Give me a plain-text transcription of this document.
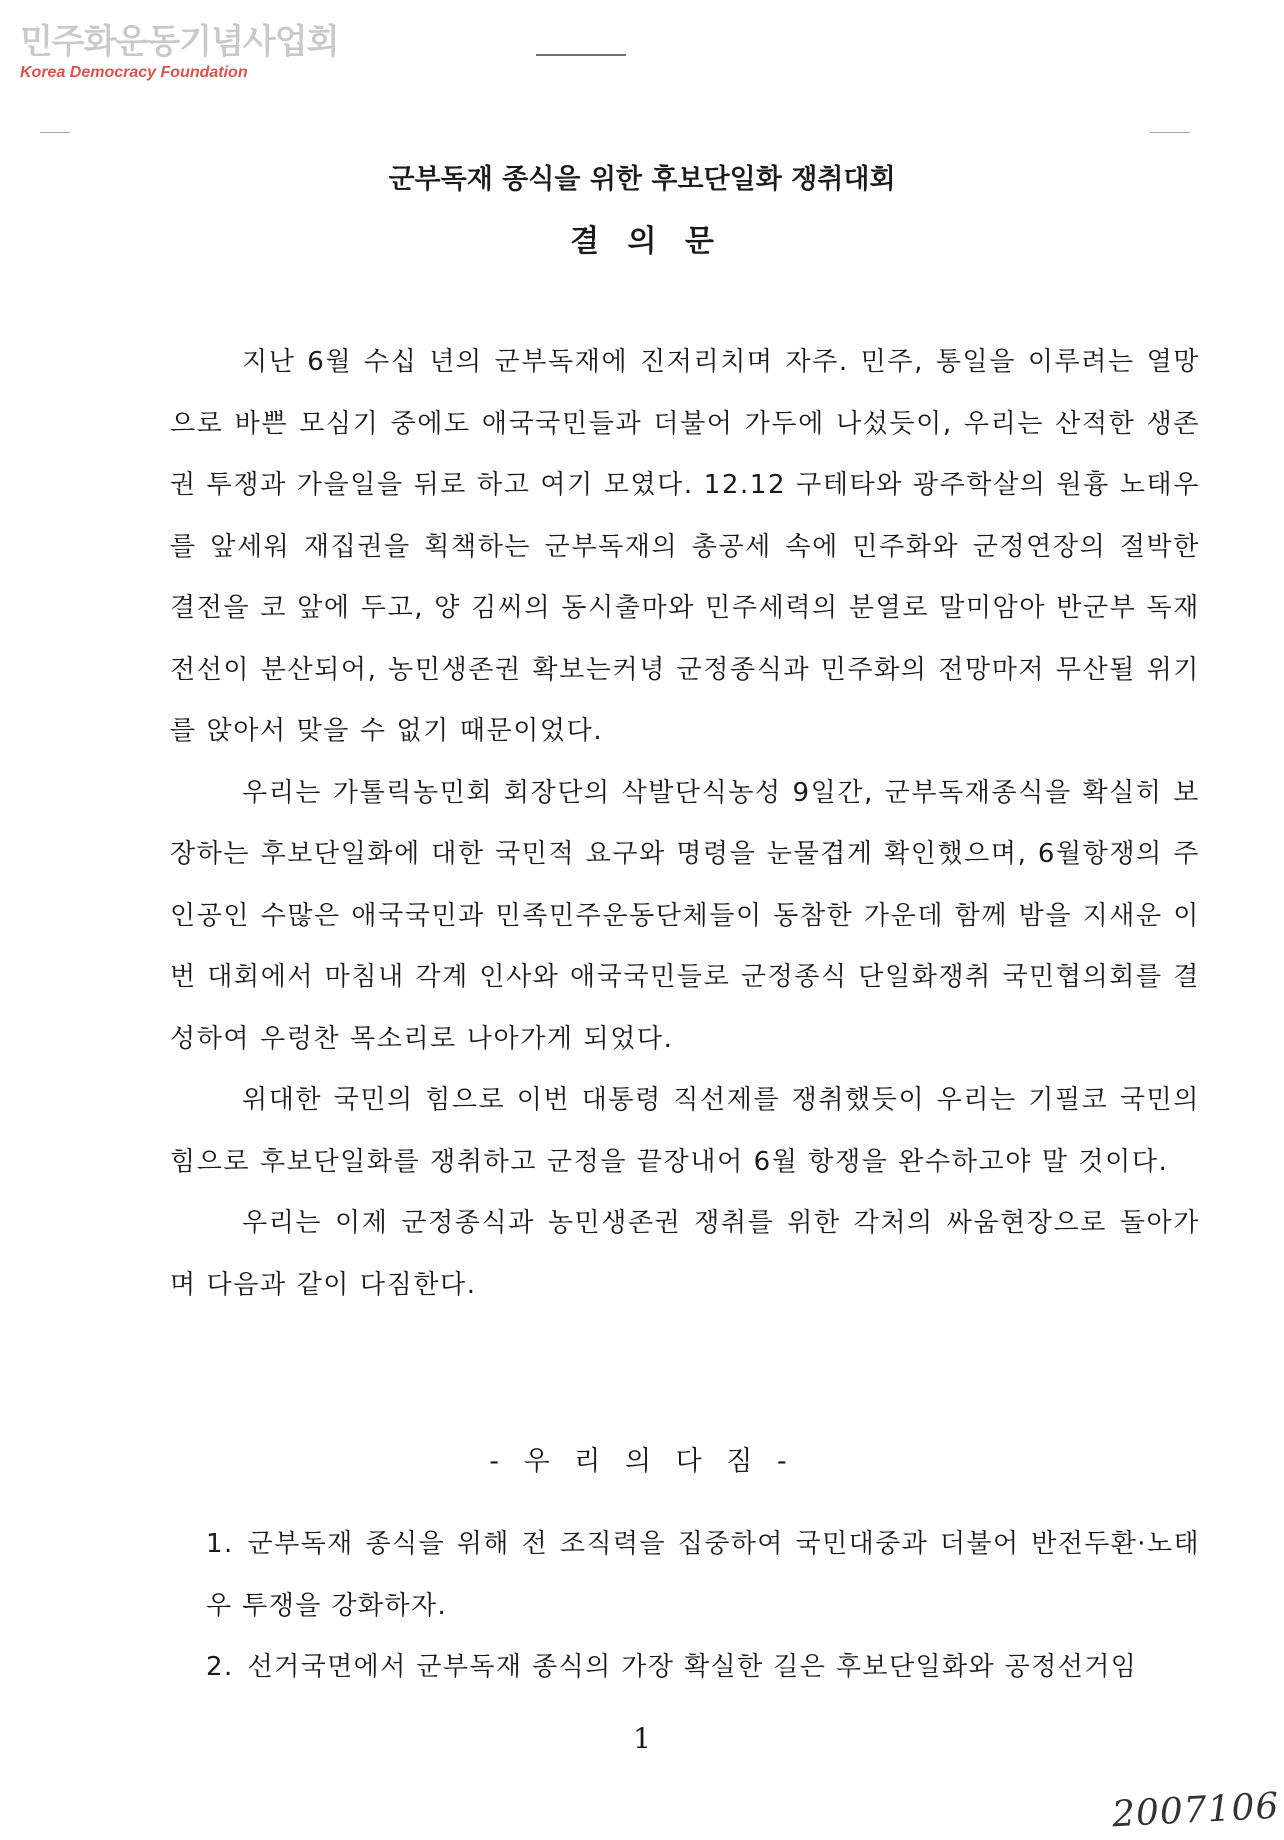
민주화운동기념사업회
Korea Democracy Foundation
군부독재 종식을 위한 후보단일화 쟁취대회
결 의 문

지난 6월 수십 년의 군부독재에 진저리치며 자주. 민주, 통일을 이루려는 열망으로 바쁜 모심기 중에도 애국국민들과 더불어 가두에 나섰듯이, 우리는 산적한 생존권 투쟁과 가을일을 뒤로 하고 여기 모였다. 12.12 구테타와 광주학살의 원흉 노태우를 앞세워 재집권을 획책하는 군부독재의 총공세 속에 민주화와 군정연장의 절박한 결전을 코 앞에 두고, 양 김씨의 동시출마와 민주세력의 분열로 말미암아 반군부 독재전선이 분산되어, 농민생존권 확보는커녕 군정종식과 민주화의 전망마저 무산될 위기를 앉아서 맞을 수 없기 때문이었다.

우리는 가톨릭농민회 회장단의 삭발단식농성 9일간, 군부독재종식을 확실히 보장하는 후보단일화에 대한 국민적 요구와 명령을 눈물겹게 확인했으며, 6월항쟁의 주인공인 수많은 애국국민과 민족민주운동단체들이 동참한 가운데 함께 밤을 지새운 이번 대회에서 마침내 각계 인사와 애국국민들로 군정종식 단일화쟁취 국민협의회를 결성하여 우렁찬 목소리로 나아가게 되었다.

위대한 국민의 힘으로 이번 대통령 직선제를 쟁취했듯이 우리는 기필코 국민의 힘으로 후보단일화를 쟁취하고 군정을 끝장내어 6월 항쟁을 완수하고야 말 것이다.

우리는 이제 군정종식과 농민생존권 쟁취를 위한 각처의 싸움현장으로 돌아가며 다음과 같이 다짐한다.

- 우 리 의 다 짐 -

1. 군부독재 종식을 위해 전 조직력을 집중하여 국민대중과 더불어 반전두환·노태우 투쟁을 강화하자.

2. 선거국면에서 군부독재 종식의 가장 확실한 길은 후보단일화와 공정선거임

1
2007106
